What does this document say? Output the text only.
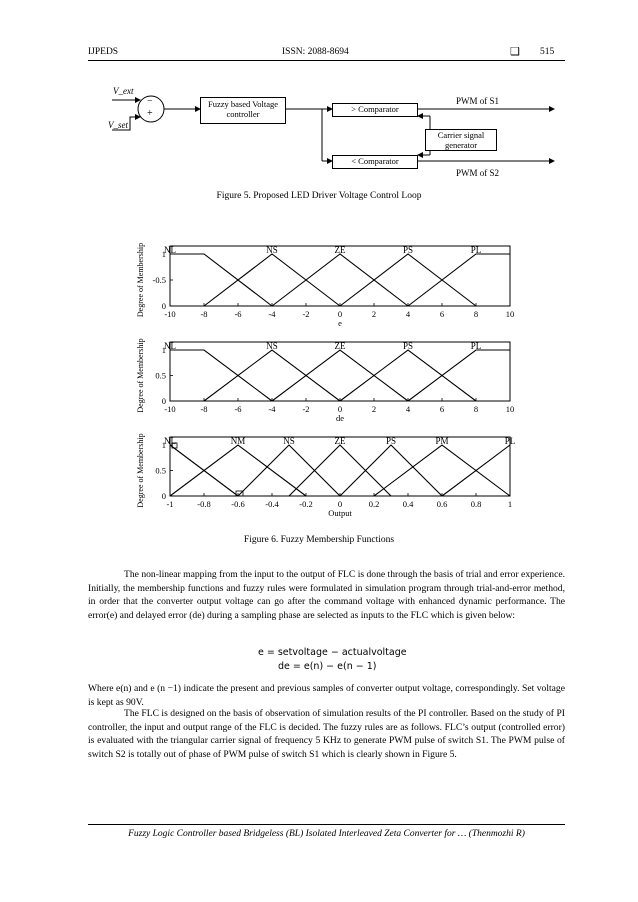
IJPEDS	ISSN: 2088-8694	❑ 515
V_ext
V_set
−
+
Fuzzy based Voltage
controller	> Comparator
< Comparator
Carrier signal
generator
PWM of S1
PWM of S2
Figure 5. Proposed LED Driver Voltage Control Loop
NL	NS	ZE	PS	PL
-10	-8	-6	-4	-2	0	2	4	6	8	10
0
-0.5
1
e
Degree of Membership
NL	NS	ZE	PS	PL
-10	-8	-6	-4	-2	0	2	4	6	8	10
0
0.5
1
de
Degree of Membership
NL	NM	NS	ZE	PS	PM	PL
-1	-0.8 -0.6 -0.4 -0.2	0	0.2	0.4	0.6	0.8	1
0
0.5
1
Output
Degree of Membership
Figure 6. Fuzzy Membership Functions

The non-linear mapping from the input to the output of FLC is done through the basis of trial and error experience. Initially, the membership functions and fuzzy rules were formulated in simulation program through trial-and-error method, in order that the converter output voltage can go after the command voltage with enhanced dynamic performance. The error(e) and delayed error (de) during a sampling phase are selected as inputs to the FLC which is given below:

e = setvoltage − actualvoltage
de = e(n) − e(n − 1)

Where e(n) and e (n −1) indicate the present and previous samples of converter output voltage, correspondingly. Set voltage is kept as 90V.

The FLC is designed on the basis of observation of simulation results of the PI controller. Based on the study of PI controller, the input and output range of the FLC is decided. The fuzzy rules are as follows. FLC’s output (controlled error) is evaluated with the triangular carrier signal of frequency 5 KHz to generate PWM pulse of switch S1. The PWM pulse of switch S2 is totally out of phase of PWM pulse of switch S1 which is clearly shown in Figure 5.

Fuzzy Logic Controller based Bridgeless (BL) Isolated Interleaved Zeta Converter for … (Thenmozhi R)
